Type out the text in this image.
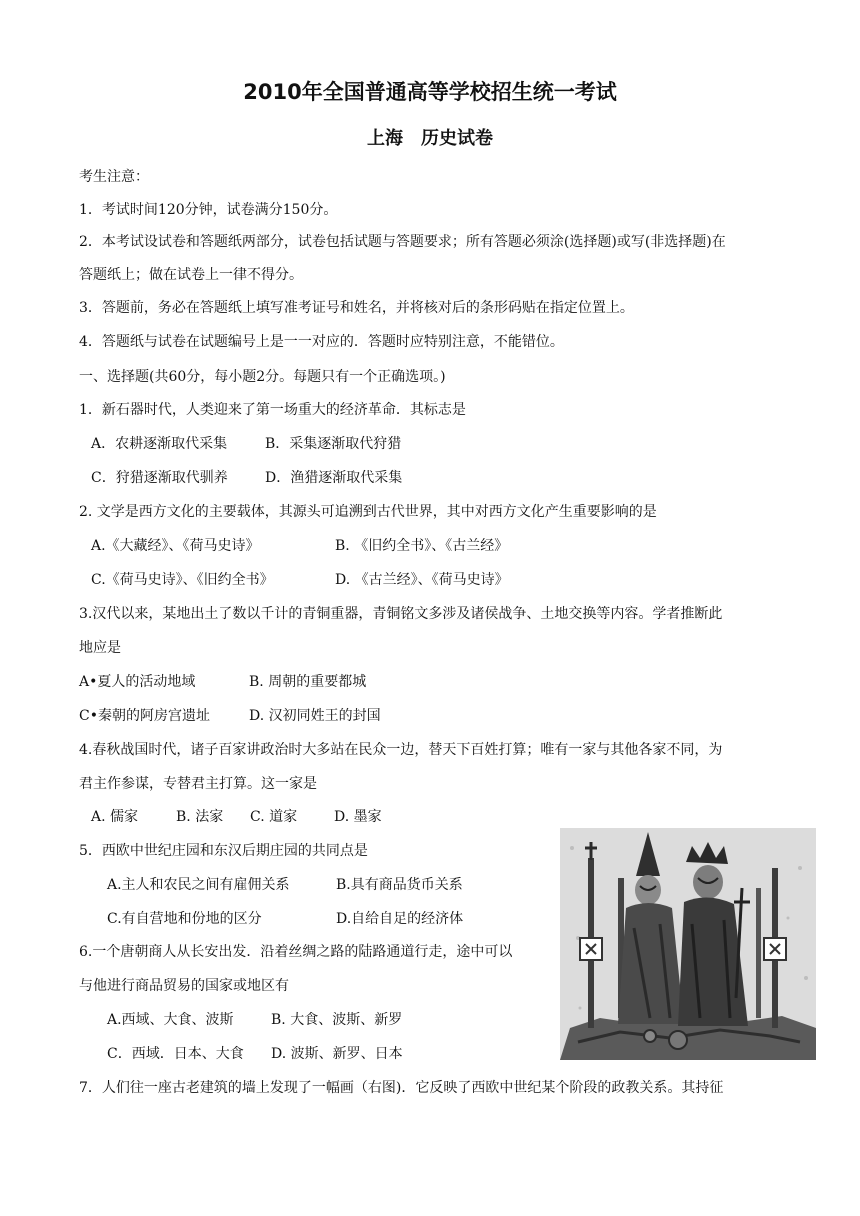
2010年全国普通高等学校招生统一考试
上海　历史试卷
考生注意：
1．考试时间120分钟，试卷满分150分。
2．本考试设试卷和答题纸两部分，试卷包括试题与答题要求；所有答题必须涂(选择题)或写(非选择题)在
答题纸上；做在试卷上一律不得分。
3．答题前，务必在答题纸上填写准考证号和姓名，并将核对后的条形码贴在指定位置上。
4．答题纸与试卷在试题编号上是一一对应的．答题时应特别注意，不能错位。
一、选择题(共60分，每小题2分。每题只有一个正确选项。)
1．新石器时代，人类迎来了第一场重大的经济革命．其标志是
A．农耕逐渐取代采集	B．采集逐渐取代狩猎
C．狩猎逐渐取代驯养	D．渔猎逐渐取代采集
2. 文学是西方文化的主要载体，其源头可追溯到古代世界，其中对西方文化产生重要影响的是
A.《大藏经》、《荷马史诗》	B. 《旧约全书》、《古兰经》
C.《荷马史诗》、《旧约全书》	D. 《古兰经》、《荷马史诗》
3.汉代以来，某地出土了数以千计的青铜重器，青铜铭文多涉及诸侯战争、土地交换等内容。学者推断此
地应是
A•夏人的活动地域	B. 周朝的重要都城
C•秦朝的阿房宫遗址	D. 汉初同姓王的封国
4.春秋战国时代，诸子百家讲政治时大多站在民众一边，替天下百姓打算；唯有一家与其他各家不同，为
君主作参谋，专替君主打算。这一家是
A. 儒家	B. 法家 C. 道家	D. 墨家
5．西欧中世纪庄园和东汉后期庄园的共同点是
A.主人和农民之间有雇佣关系	B.具有商品货币关系
C.有自营地和份地的区分	D.自给自足的经济体
6.一个唐朝商人从长安出发．沿着丝绸之路的陆路通道行走，途中可以
与他进行商品贸易的国家或地区有
A.西域、大食、波斯	B. 大食、波斯、新罗
C．西域．日本、大食 D. 波斯、新罗、日本
7．人们往一座古老建筑的墙上发现了一幅画（右图)．它反映了西欧中世纪某个阶段的政教关系。其持征
